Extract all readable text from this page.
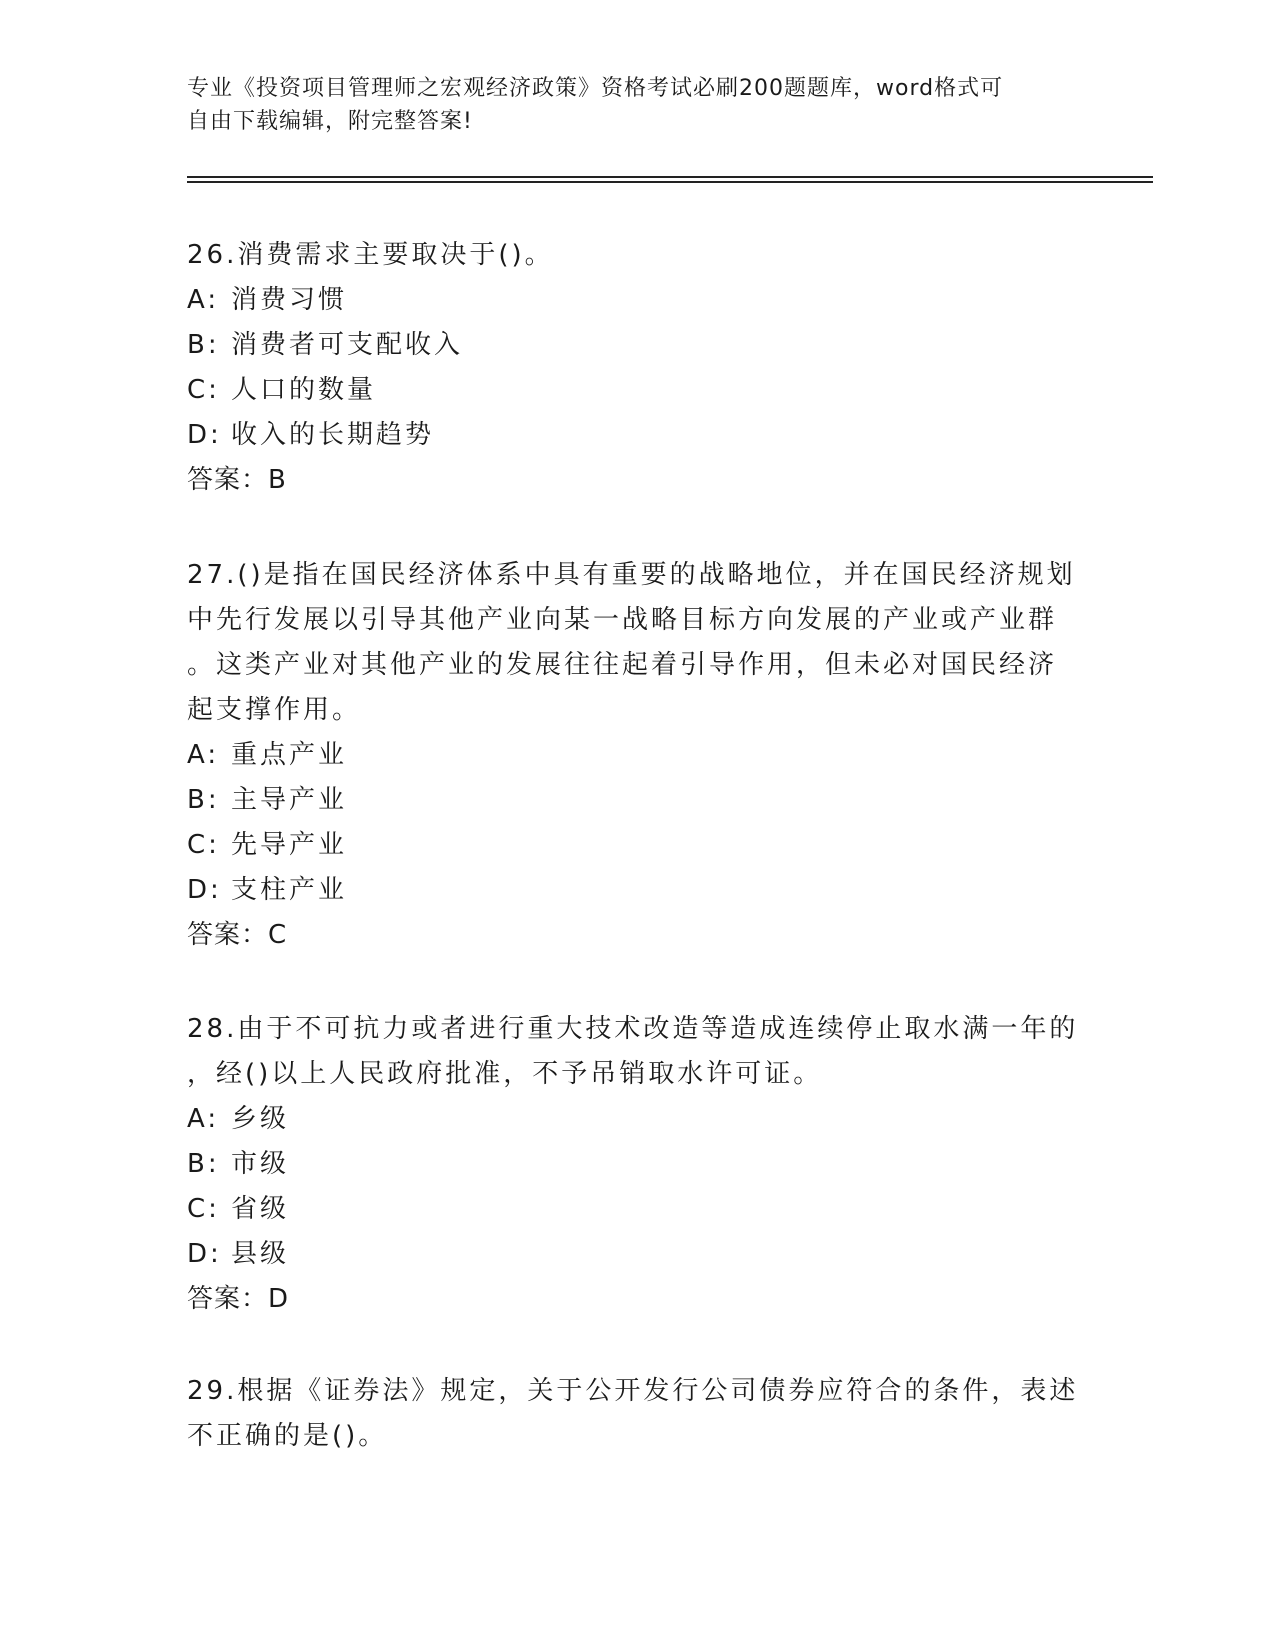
专业《投资项目管理师之宏观经济政策》资格考试必刷200题题库，word格式可
自由下载编辑，附完整答案!

26.消费需求主要取决于()。

A: 消费习惯

B: 消费者可支配收入

C: 人口的数量

D: 收入的长期趋势

答案：B

27.()是指在国民经济体系中具有重要的战略地位，并在国民经济规划

中先行发展以引导其他产业向某一战略目标方向发展的产业或产业群

。这类产业对其他产业的发展往往起着引导作用，但未必对国民经济

起支撑作用。

A: 重点产业

B: 主导产业

C: 先导产业

D: 支柱产业

答案：C

28.由于不可抗力或者进行重大技术改造等造成连续停止取水满一年的

，经()以上人民政府批准，不予吊销取水许可证。

A: 乡级

B: 市级

C: 省级

D: 县级

答案：D

29.根据《证券法》规定，关于公开发行公司债券应符合的条件，表述

不正确的是()。
